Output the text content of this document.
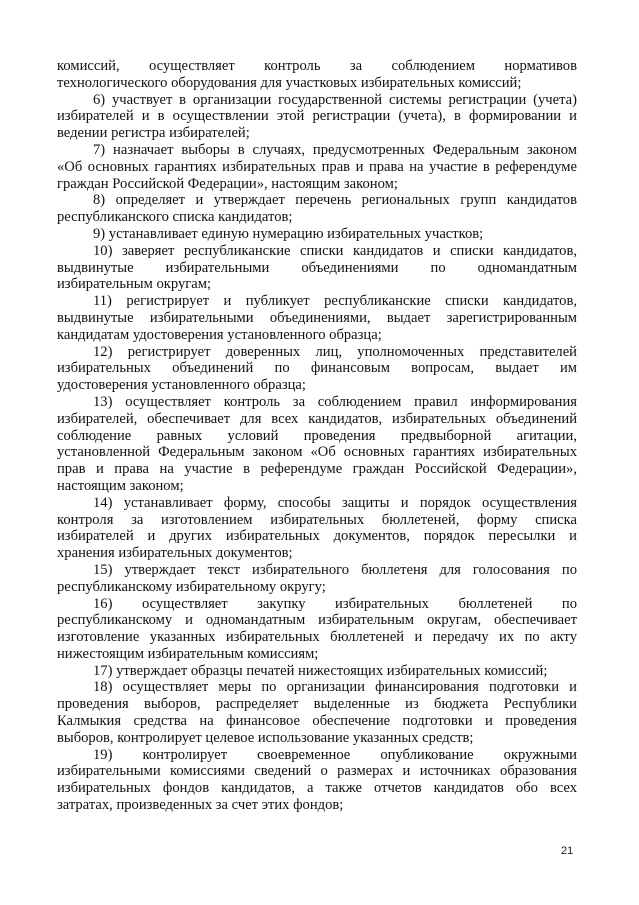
комиссий, осуществляет контроль за соблюдением нормативов
технологического оборудования для участковых избирательных комиссий;
6) участвует в организации государственной системы регистрации (учета)
избирателей и в осуществлении этой регистрации (учета), в формировании и
ведении регистра избирателей;
7) назначает выборы в случаях, предусмотренных Федеральным законом
«Об основных гарантиях избирательных прав и права на участие в референдуме
граждан Российской Федерации», настоящим законом;
8) определяет и утверждает перечень региональных групп кандидатов
республиканского списка кандидатов;
9) устанавливает единую нумерацию избирательных участков;
10) заверяет республиканские списки кандидатов и списки кандидатов,
выдвинутые избирательными объединениями по одномандатным
избирательным округам;
11) регистрирует и публикует республиканские списки кандидатов,
выдвинутые избирательными объединениями, выдает зарегистрированным
кандидатам удостоверения установленного образца;
12) регистрирует доверенных лиц, уполномоченных представителей
избирательных объединений по финансовым вопросам, выдает им
удостоверения установленного образца;
13) осуществляет контроль за соблюдением правил информирования
избирателей, обеспечивает для всех кандидатов, избирательных объединений
соблюдение равных условий проведения предвыборной агитации,
установленной Федеральным законом «Об основных гарантиях избирательных
прав и права на участие в референдуме граждан Российской Федерации»,
настоящим законом;
14) устанавливает форму, способы защиты и порядок осуществления
контроля за изготовлением избирательных бюллетеней, форму списка
избирателей и других избирательных документов, порядок пересылки и
хранения избирательных документов;
15) утверждает текст избирательного бюллетеня для голосования по
республиканскому избирательному округу;
16) осуществляет закупку избирательных бюллетеней по
республиканскому и одномандатным избирательным округам, обеспечивает
изготовление указанных избирательных бюллетеней и передачу их по акту
нижестоящим избирательным комиссиям;
17) утверждает образцы печатей нижестоящих избирательных комиссий;
18) осуществляет меры по организации финансирования подготовки и
проведения выборов, распределяет выделенные из бюджета Республики
Калмыкия средства на финансовое обеспечение подготовки и проведения
выборов, контролирует целевое использование указанных средств;
19) контролирует своевременное опубликование окружными
избирательными комиссиями сведений о размерах и источниках образования
избирательных фондов кандидатов, а также отчетов кандидатов обо всех
затратах, произведенных за счет этих фондов;
21
